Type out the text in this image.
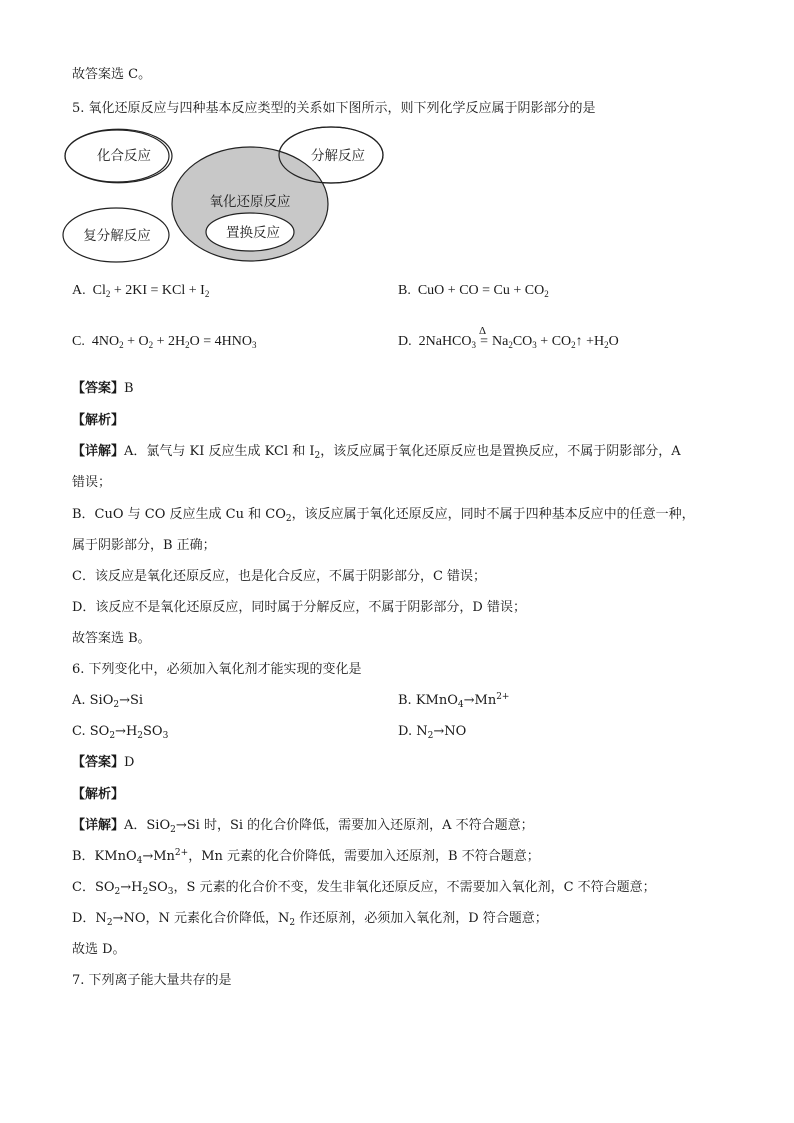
故答案选 C。
5. 氧化还原反应与四种基本反应类型的关系如下图所示，则下列化学反应属于阴影部分的是
化合反应	分解反应
氧化还原反应
置换反应
复分解反应
A. $Cl_2 + 2KI$ = KCl + $I_2$	B. CuO + CO = $Cu + CO_2$
C. $4NO_2 + O_2 + 2H_2O = 4HNO_3$	D. 2NaHCO$_3$
Δ
= $Na_2CO_3$ + $CO_2↑ +H_2O$
【答案】B
【解析】
【详解】A．氯气与 KI 反应生成 KCl 和 $I_2$，该反应属于氧化还原反应也是置换反应，不属于阴影部分，A
错误；
B．CuO 与 CO 反应生成 Cu 和 $CO_2$，该反应属于氧化还原反应，同时不属于四种基本反应中的任意一种，
属于阴影部分，B 正确；
C．该反应是氧化还原反应，也是化合反应，不属于阴影部分，C 错误；
D．该反应不是氧化还原反应，同时属于分解反应，不属于阴影部分，D 错误；
故答案选 B。
6. 下列变化中，必须加入氧化剂才能实现的变化是
A. SiO$_2$→Si	B. $KMnO_4\to Mn^{2+}$
C. $SO_2\to H_2SO_3$	D. $N_2\to NO$
【答案】D
【解析】
【详解】A．SiO$_2$→Si 时，Si 的化合价降低，需要加入还原剂，A 不符合题意；
B．$KMnO_4\to Mn^{2+}$，Mn 元素的化合价降低，需要加入还原剂，B 不符合题意；
C．$SO_2\to H_2SO_3$，S 元素的化合价不变，发生非氧化还原反应，不需要加入氧化剂，C 不符合题意；
D．$N_2\to NO$，N 元素化合价降低，$N_2$ 作还原剂，必须加入氧化剂，D 符合题意；
故选 D。
7. 下列离子能大量共存的是
